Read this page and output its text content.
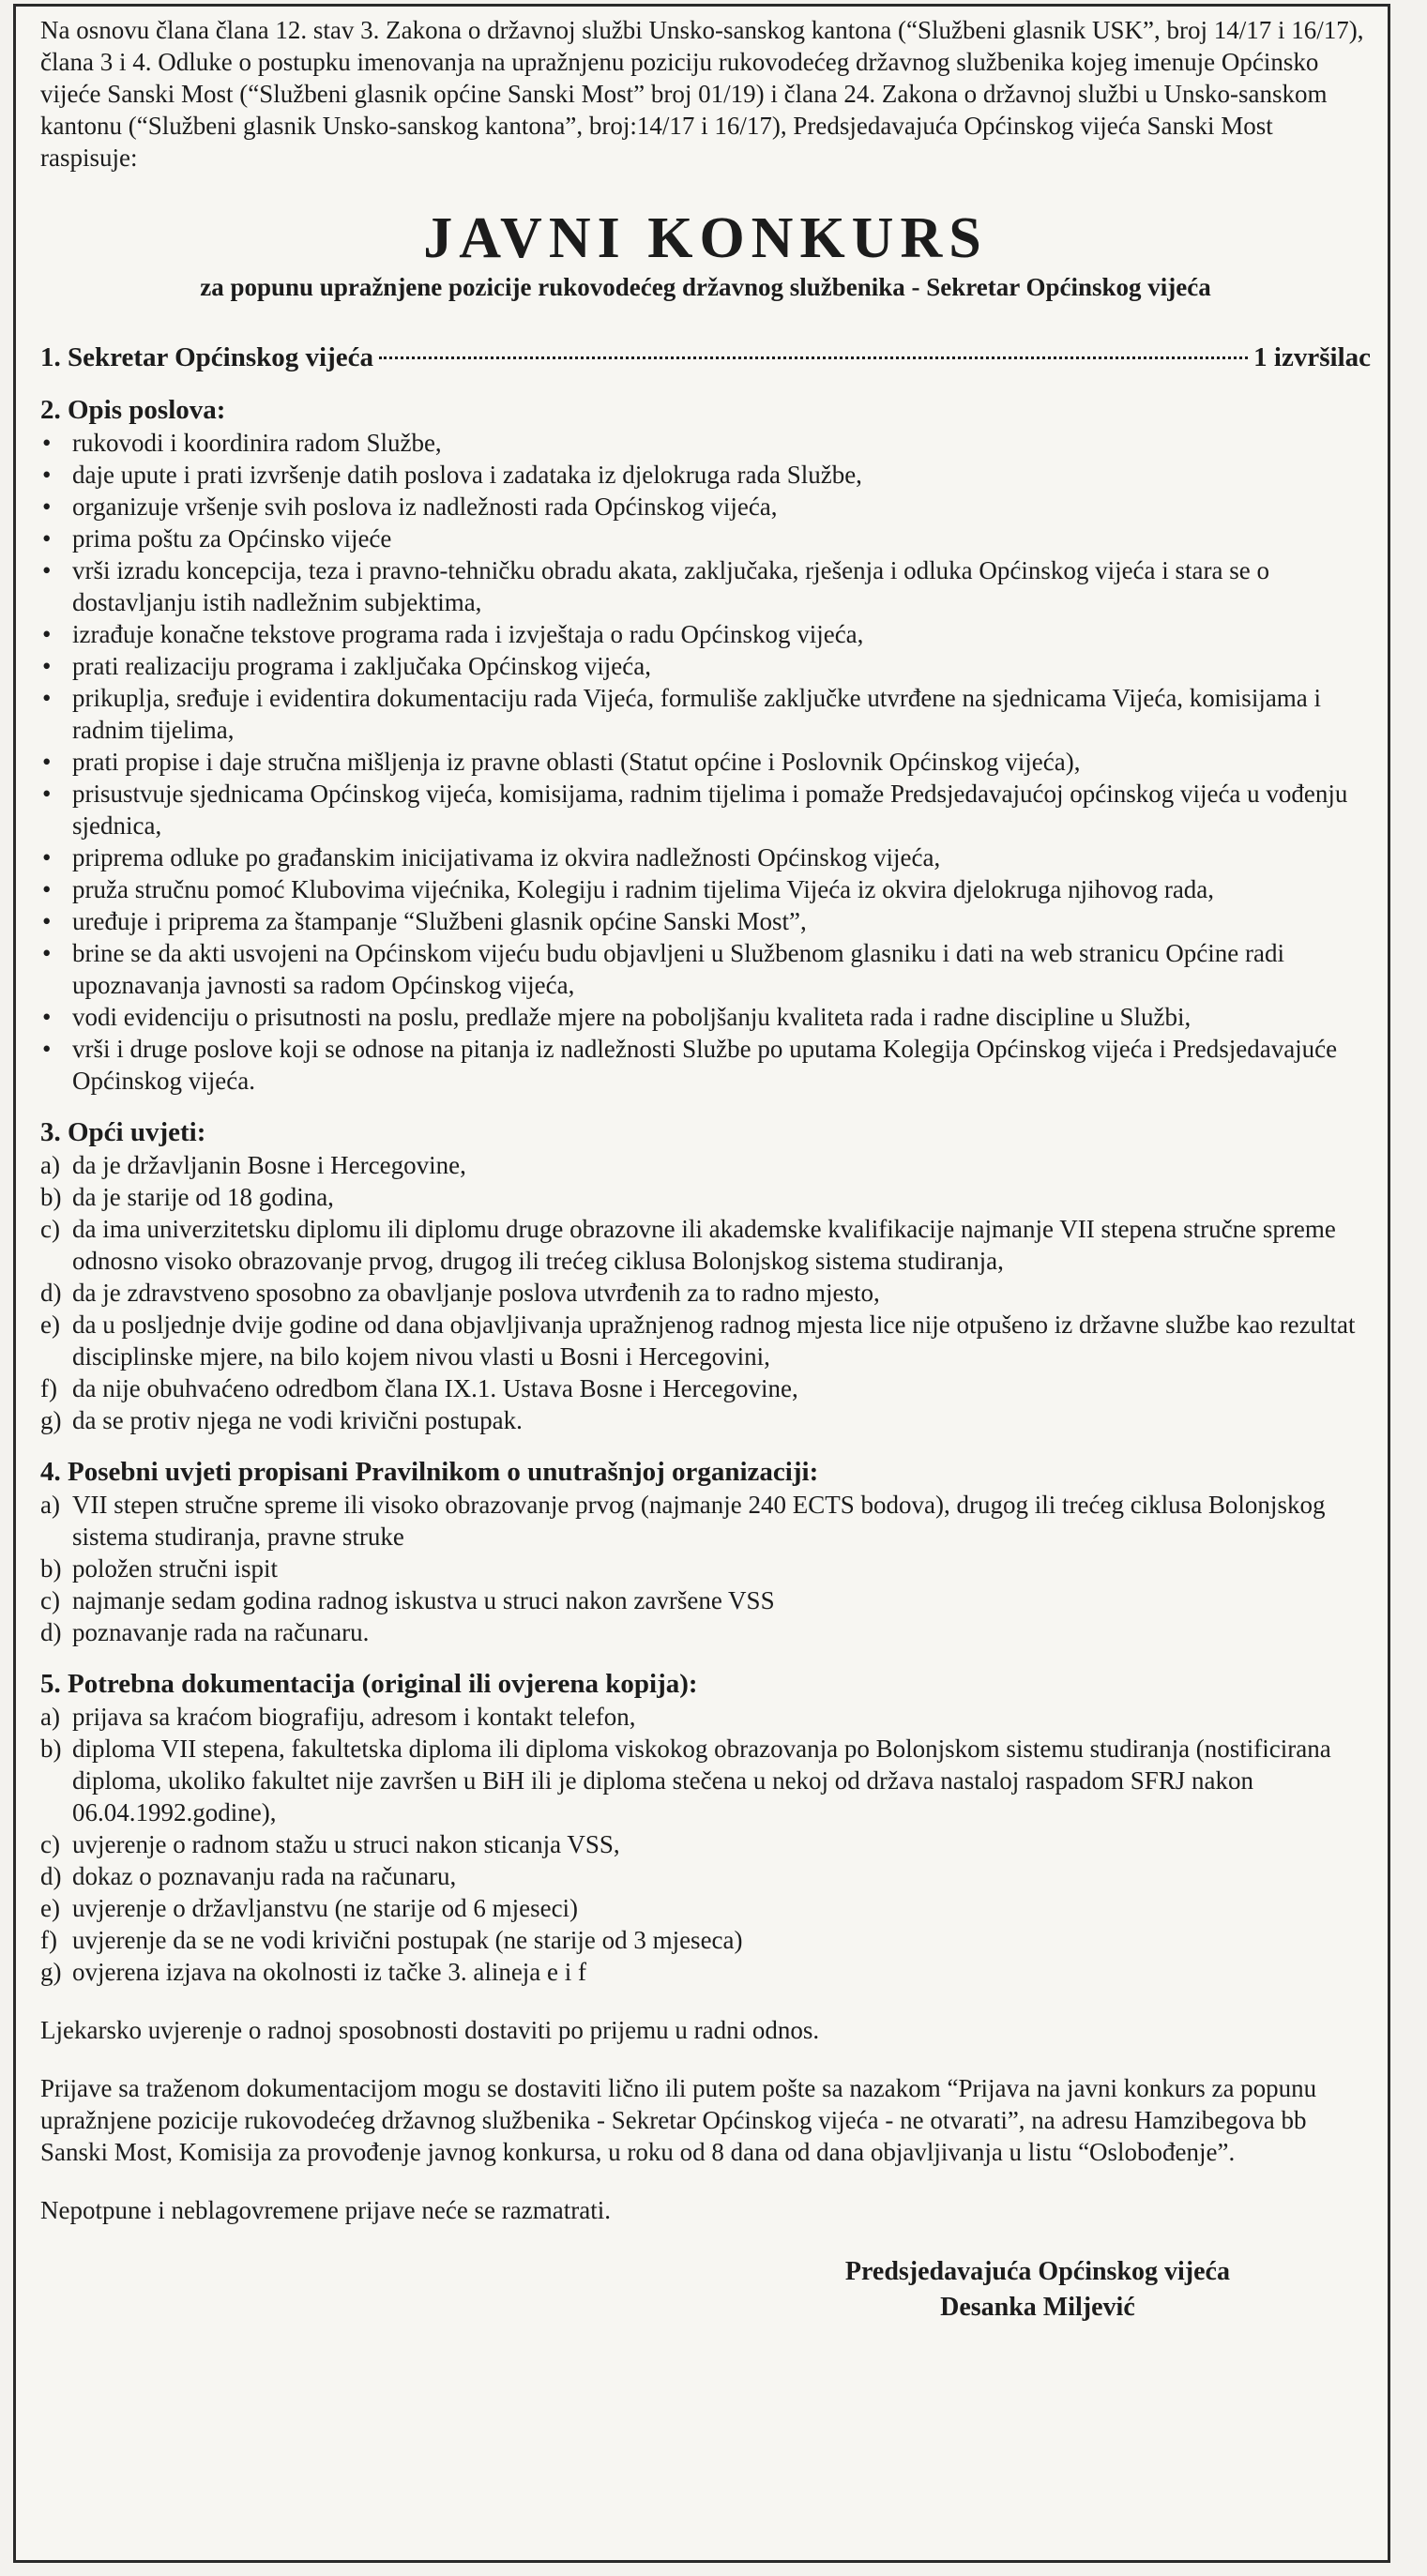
Na osnovu člana člana 12. stav 3. Zakona o državnoj službi Unsko-sanskog kantona (“Službeni glasnik USK”, broj 14/17 i 16/17), člana 3 i 4. Odluke o postupku imenovanja na upražnjenu poziciju rukovodećeg državnog službenika kojeg imenuje Općinsko vijeće Sanski Most (“Službeni glasnik općine Sanski Most” broj 01/19) i člana 24. Zakona o državnoj službi u Unsko-sanskom kantonu (“Službeni glasnik Unsko-sanskog kantona”, broj:14/17 i 16/17), Predsjedavajuća Općinskog vijeća Sanski Most raspisuje:

JAVNI KONKURS

za popunu upražnjene pozicije rukovodećeg državnog službenika - Sekretar Općinskog vijeća

1. Sekretar Općinskog vijeća	1 izvršilac
2. Opis poslova:
• rukovodi i koordinira radom Službe,
• daje upute i prati izvršenje datih poslova i zadataka iz djelokruga rada Službe,
• organizuje vršenje svih poslova iz nadležnosti rada Općinskog vijeća,
• prima poštu za Općinsko vijeće
• vrši izradu koncepcija, teza i pravno-tehničku obradu akata, zaključaka, rješenja i odluka Općinskog vijeća i stara se o dostavljanju istih nadležnim subjektima,
• izrađuje konačne tekstove programa rada i izvještaja o radu Općinskog vijeća,
• prati realizaciju programa i zaključaka Općinskog vijeća,
• prikuplja, sređuje i evidentira dokumentaciju rada Vijeća, formuliše zaključke utvrđene na sjednicama Vijeća, komisijama i radnim tijelima,
• prati propise i daje stručna mišljenja iz pravne oblasti (Statut općine i Poslovnik Općinskog vijeća),
• prisustvuje sjednicama Općinskog vijeća, komisijama, radnim tijelima i pomaže Predsjedavajućoj općinskog vijeća u vođenju sjednica,
• priprema odluke po građanskim inicijativama iz okvira nadležnosti Općinskog vijeća,
• pruža stručnu pomoć Klubovima vijećnika, Kolegiju i radnim tijelima Vijeća iz okvira djelokruga njihovog rada,
• uređuje i priprema za štampanje “Službeni glasnik općine Sanski Most”,
• brine se da akti usvojeni na Općinskom vijeću budu objavljeni u Službenom glasniku i dati na web stranicu Općine radi upoznavanja javnosti sa radom Općinskog vijeća,
• vodi evidenciju o prisutnosti na poslu, predlaže mjere na poboljšanju kvaliteta rada i radne discipline u Službi,
• vrši i druge poslove koji se odnose na pitanja iz nadležnosti Službe po uputama Kolegija Općinskog vijeća i Predsjedavajuće Općinskog vijeća.
3. Opći uvjeti:
a) da je državljanin Bosne i Hercegovine,
b) da je starije od 18 godina,
c) da ima univerzitetsku diplomu ili diplomu druge obrazovne ili akademske kvalifikacije najmanje VII stepena stručne spreme odnosno visoko obrazovanje prvog, drugog ili trećeg ciklusa Bolonjskog sistema studiranja,
d) da je zdravstveno sposobno za obavljanje poslova utvrđenih za to radno mjesto,
e) da u posljednje dvije godine od dana objavljivanja upražnjenog radnog mjesta lice nije otpušeno iz državne službe kao rezultat disciplinske mjere, na bilo kojem nivou vlasti u Bosni i Hercegovini,
f) da nije obuhvaćeno odredbom člana IX.1. Ustava Bosne i Hercegovine,
g) da se protiv njega ne vodi krivični postupak.
4. Posebni uvjeti propisani Pravilnikom o unutrašnjoj organizaciji:
a) VII stepen stručne spreme ili visoko obrazovanje prvog (najmanje 240 ECTS bodova), drugog ili trećeg ciklusa Bolonjskog sistema studiranja, pravne struke
b) položen stručni ispit
c) najmanje sedam godina radnog iskustva u struci nakon završene VSS
d) poznavanje rada na računaru.
5. Potrebna dokumentacija (original ili ovjerena kopija):
a) prijava sa kraćom biografiju, adresom i kontakt telefon,
b) diploma VII stepena, fakultetska diploma ili diploma viskokog obrazovanja po Bolonjskom sistemu studiranja (nostificirana diploma, ukoliko fakultet nije završen u BiH ili je diploma stečena u nekoj od država nastaloj raspadom SFRJ nakon 06.04.1992.godine),
c) uvjerenje o radnom stažu u struci nakon sticanja VSS,
d) dokaz o poznavanju rada na računaru,
e) uvjerenje o državljanstvu (ne starije od 6 mjeseci)
f) uvjerenje da se ne vodi krivični postupak (ne starije od 3 mjeseca)
g) ovjerena izjava na okolnosti iz tačke 3. alineja e i f

Ljekarsko uvjerenje o radnoj sposobnosti dostaviti po prijemu u radni odnos.

Prijave sa traženom dokumentacijom mogu se dostaviti lično ili putem pošte sa nazakom “Prijava na javni konkurs za popunu upražnjene pozicije rukovodećeg državnog službenika - Sekretar Općinskog vijeća - ne otvarati”, na adresu Hamzibegova bb Sanski Most, Komisija za provođenje javnog konkursa, u roku od 8 dana od dana objavljivanja u listu “Oslobođenje”.

Nepotpune i neblagovremene prijave neće se razmatrati.

Predsjedavajuća Općinskog vijeća
Desanka Miljević
